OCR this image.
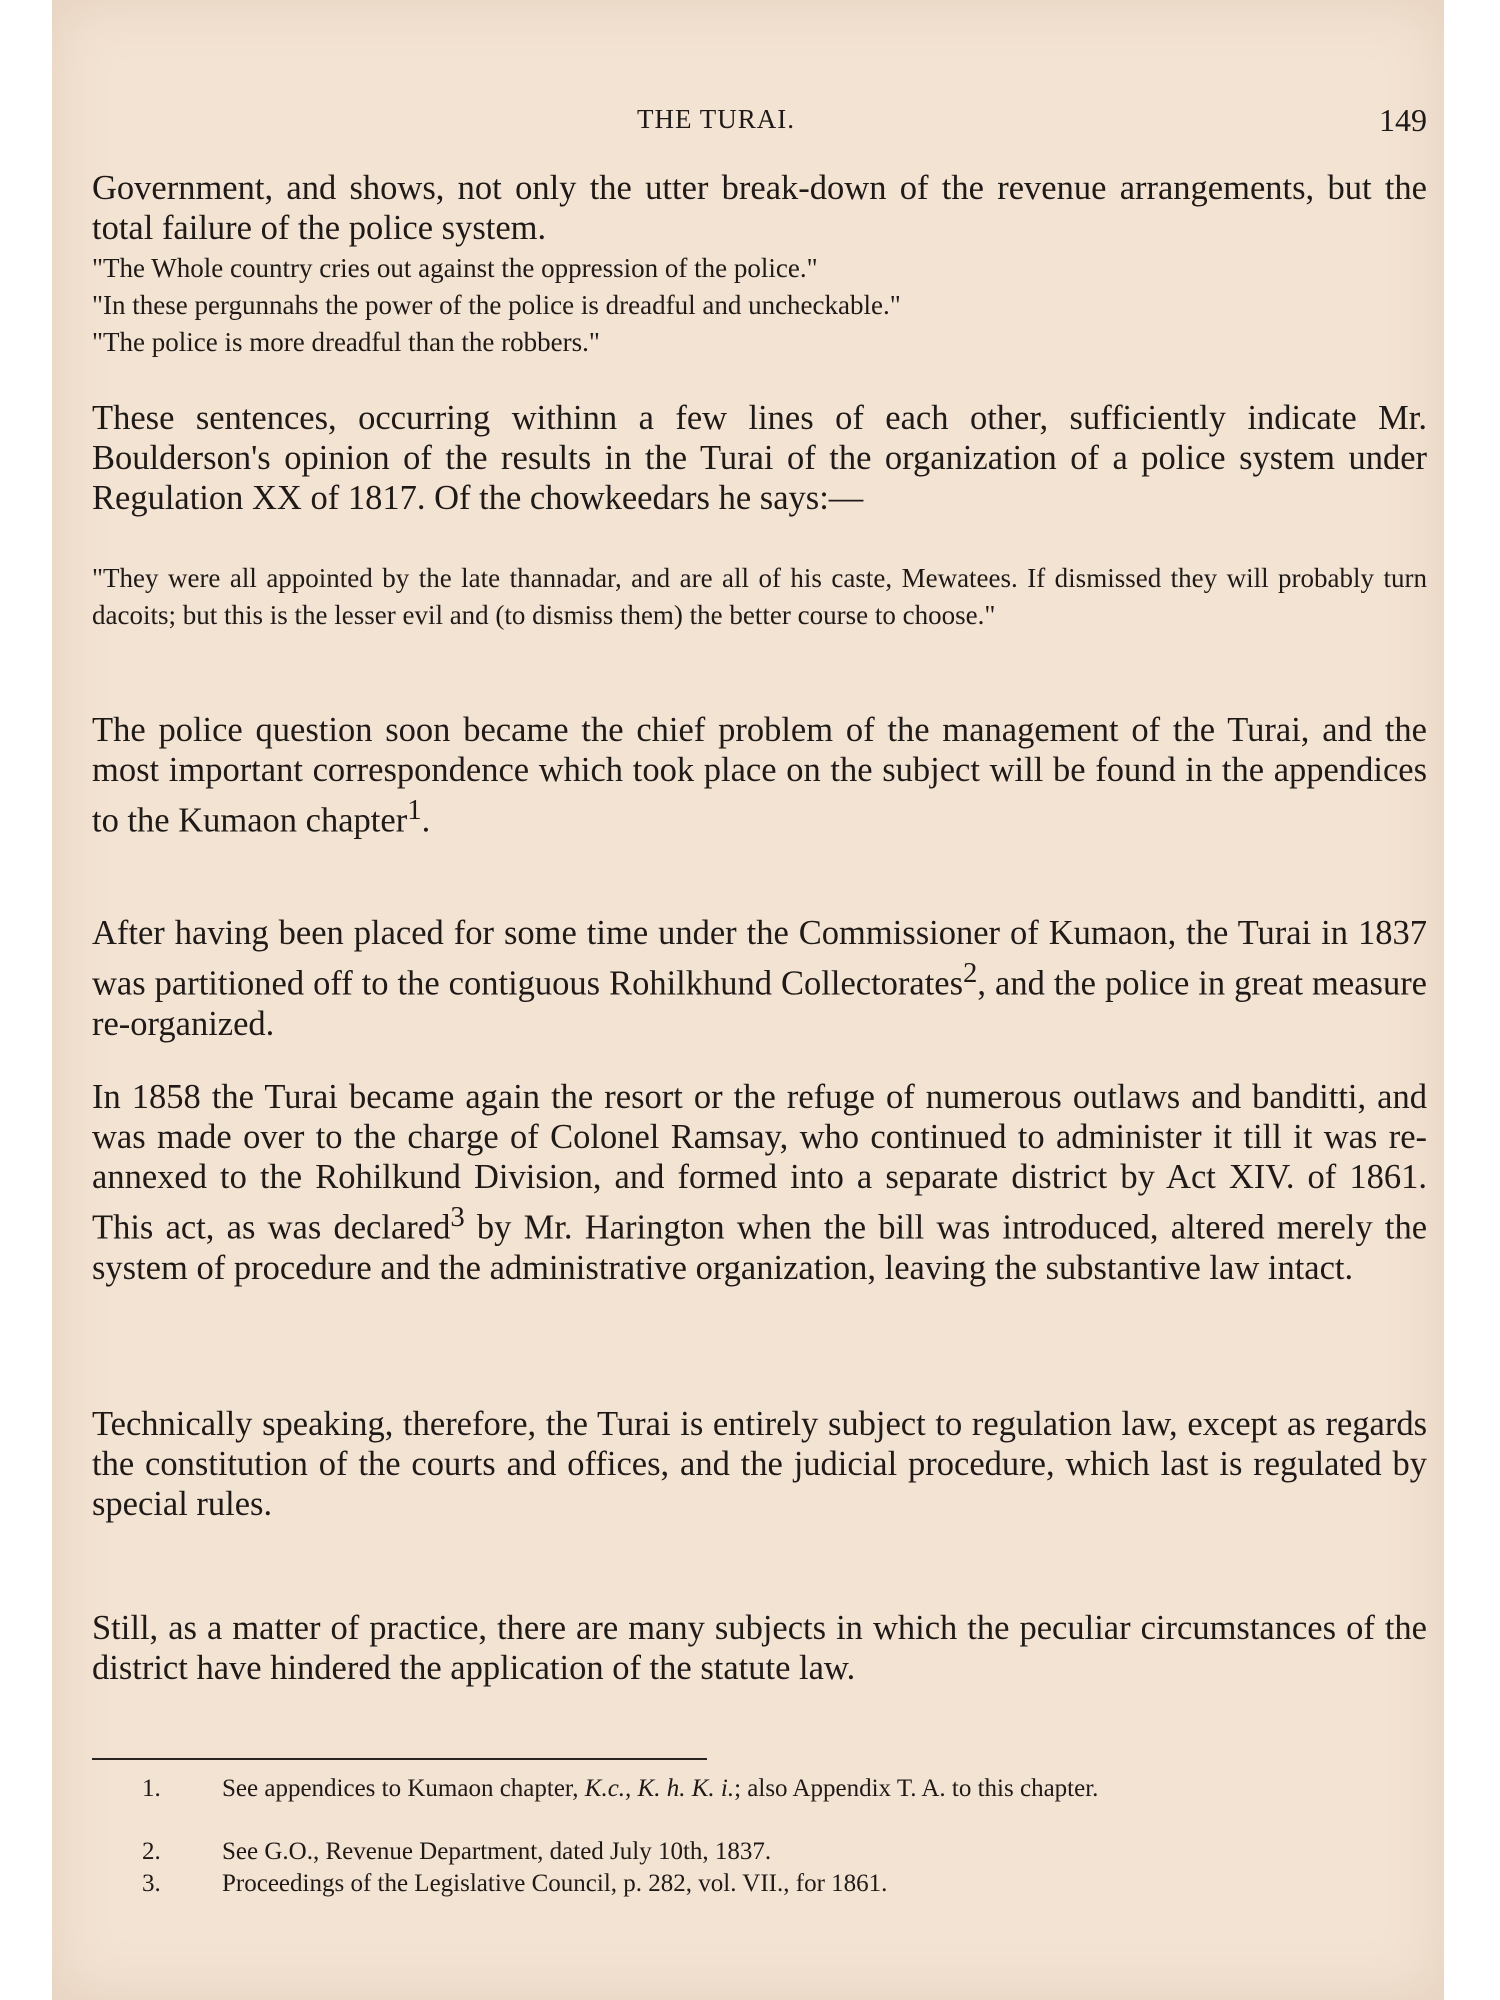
THE TURAI.	149

Government, and shows, not only the utter break-down of the revenue arrangements, but the total failure of the police system.

"The Whole country cries out against the oppression of the police."
"In these pergunnahs the power of the police is dreadful and uncheckable."
"The police is more dreadful than the robbers."

These sentences, occurring withinn a few lines of each other, sufficiently indicate Mr. Boulderson's opinion of the results in the Turai of the organization of a police system under Regulation XX of 1817. Of the chowkeedars he says:—

"They were all appointed by the late thannadar, and are all of his caste, Mewatees. If dismissed they will probably turn dacoits; but this is the lesser evil and (to dismiss them) the better course to choose."

The police question soon became the chief problem of the management of the Turai, and the most important correspondence which took place on the subject will be found in the appendices to the Kumaon chapter$^1$.

After having been placed for some time under the Commissioner of Kumaon, the Turai in 1837 was partitioned off to the contiguous Rohilkhund Collectorates$^2$, and the police in great measure re-organized.

In 1858 the Turai became again the resort or the refuge of numerous outlaws and banditti, and was made over to the charge of Colonel Ramsay, who continued to administer it till it was re-annexed to the Rohilkund Division, and formed into a separate district by Act XIV. of 1861. This act, as was declared$^3$ by Mr. Harington when the bill was introduced, altered merely the system of procedure and the administrative organization, leaving the substantive law intact.

Technically speaking, therefore, the Turai is entirely subject to regulation law, except as regards the constitution of the courts and offices, and the judicial procedure, which last is regulated by special rules.

Still, as a matter of practice, there are many subjects in which the peculiar circumstances of the district have hindered the application of the statute law.

1. See appendices to Kumaon chapter, K.c., K. h. K. i.; also Appendix T. A. to this chapter.
2. See G.O., Revenue Department, dated July 10th, 1837.
3. Proceedings of the Legislative Council, p. 282, vol. VII., for 1861.
